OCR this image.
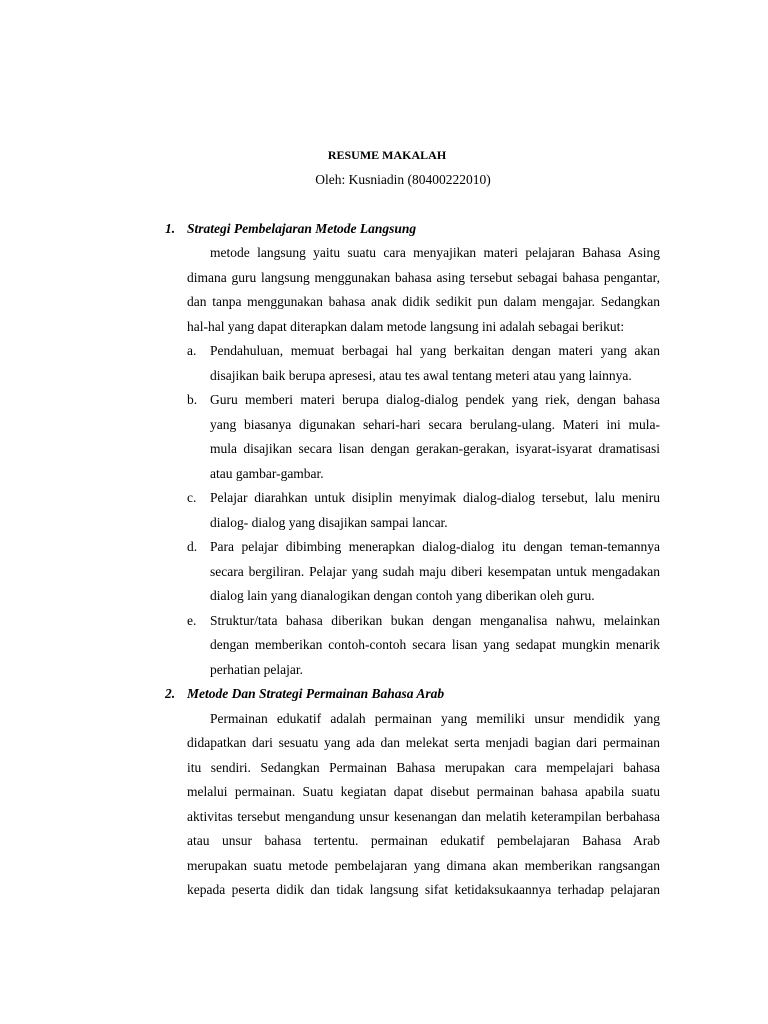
RESUME MAKALAH
Oleh: Kusniadin (80400222010)
1. Strategi Pembelajaran Metode Langsung
metode langsung yaitu suatu cara menyajikan materi pelajaran Bahasa Asing
dimana guru langsung menggunakan bahasa asing tersebut sebagai bahasa pengantar,
dan tanpa menggunakan bahasa anak didik sedikit pun dalam mengajar. Sedangkan
hal-hal yang dapat diterapkan dalam metode langsung ini adalah sebagai berikut:
a. Pendahuluan, memuat berbagai hal yang berkaitan dengan materi yang akan
disajikan baik berupa apresesi, atau tes awal tentang meteri atau yang lainnya.
b. Guru memberi materi berupa dialog-dialog pendek yang riek, dengan bahasa
yang biasanya digunakan sehari-hari secara berulang-ulang. Materi ini mula-
mula disajikan secara lisan dengan gerakan-gerakan, isyarat-isyarat dramatisasi
atau gambar-gambar.
c. Pelajar diarahkan untuk disiplin menyimak dialog-dialog tersebut, lalu meniru
dialog- dialog yang disajikan sampai lancar.
d. Para pelajar dibimbing menerapkan dialog-dialog itu dengan teman-temannya
secara bergiliran. Pelajar yang sudah maju diberi kesempatan untuk mengadakan
dialog lain yang dianalogikan dengan contoh yang diberikan oleh guru.
e. Struktur/tata bahasa diberikan bukan dengan menganalisa nahwu, melainkan
dengan memberikan contoh-contoh secara lisan yang sedapat mungkin menarik
perhatian pelajar.
2. Metode Dan Strategi Permainan Bahasa Arab
Permainan edukatif adalah permainan yang memiliki unsur mendidik yang
didapatkan dari sesuatu yang ada dan melekat serta menjadi bagian dari permainan
itu sendiri. Sedangkan Permainan Bahasa merupakan cara mempelajari bahasa
melalui permainan. Suatu kegiatan dapat disebut permainan bahasa apabila suatu
aktivitas tersebut mengandung unsur kesenangan dan melatih keterampilan berbahasa
atau unsur bahasa tertentu. permainan edukatif pembelajaran Bahasa Arab
merupakan suatu metode pembelajaran yang dimana akan memberikan rangsangan
kepada peserta didik dan tidak langsung sifat ketidaksukaannya terhadap pelajaran
